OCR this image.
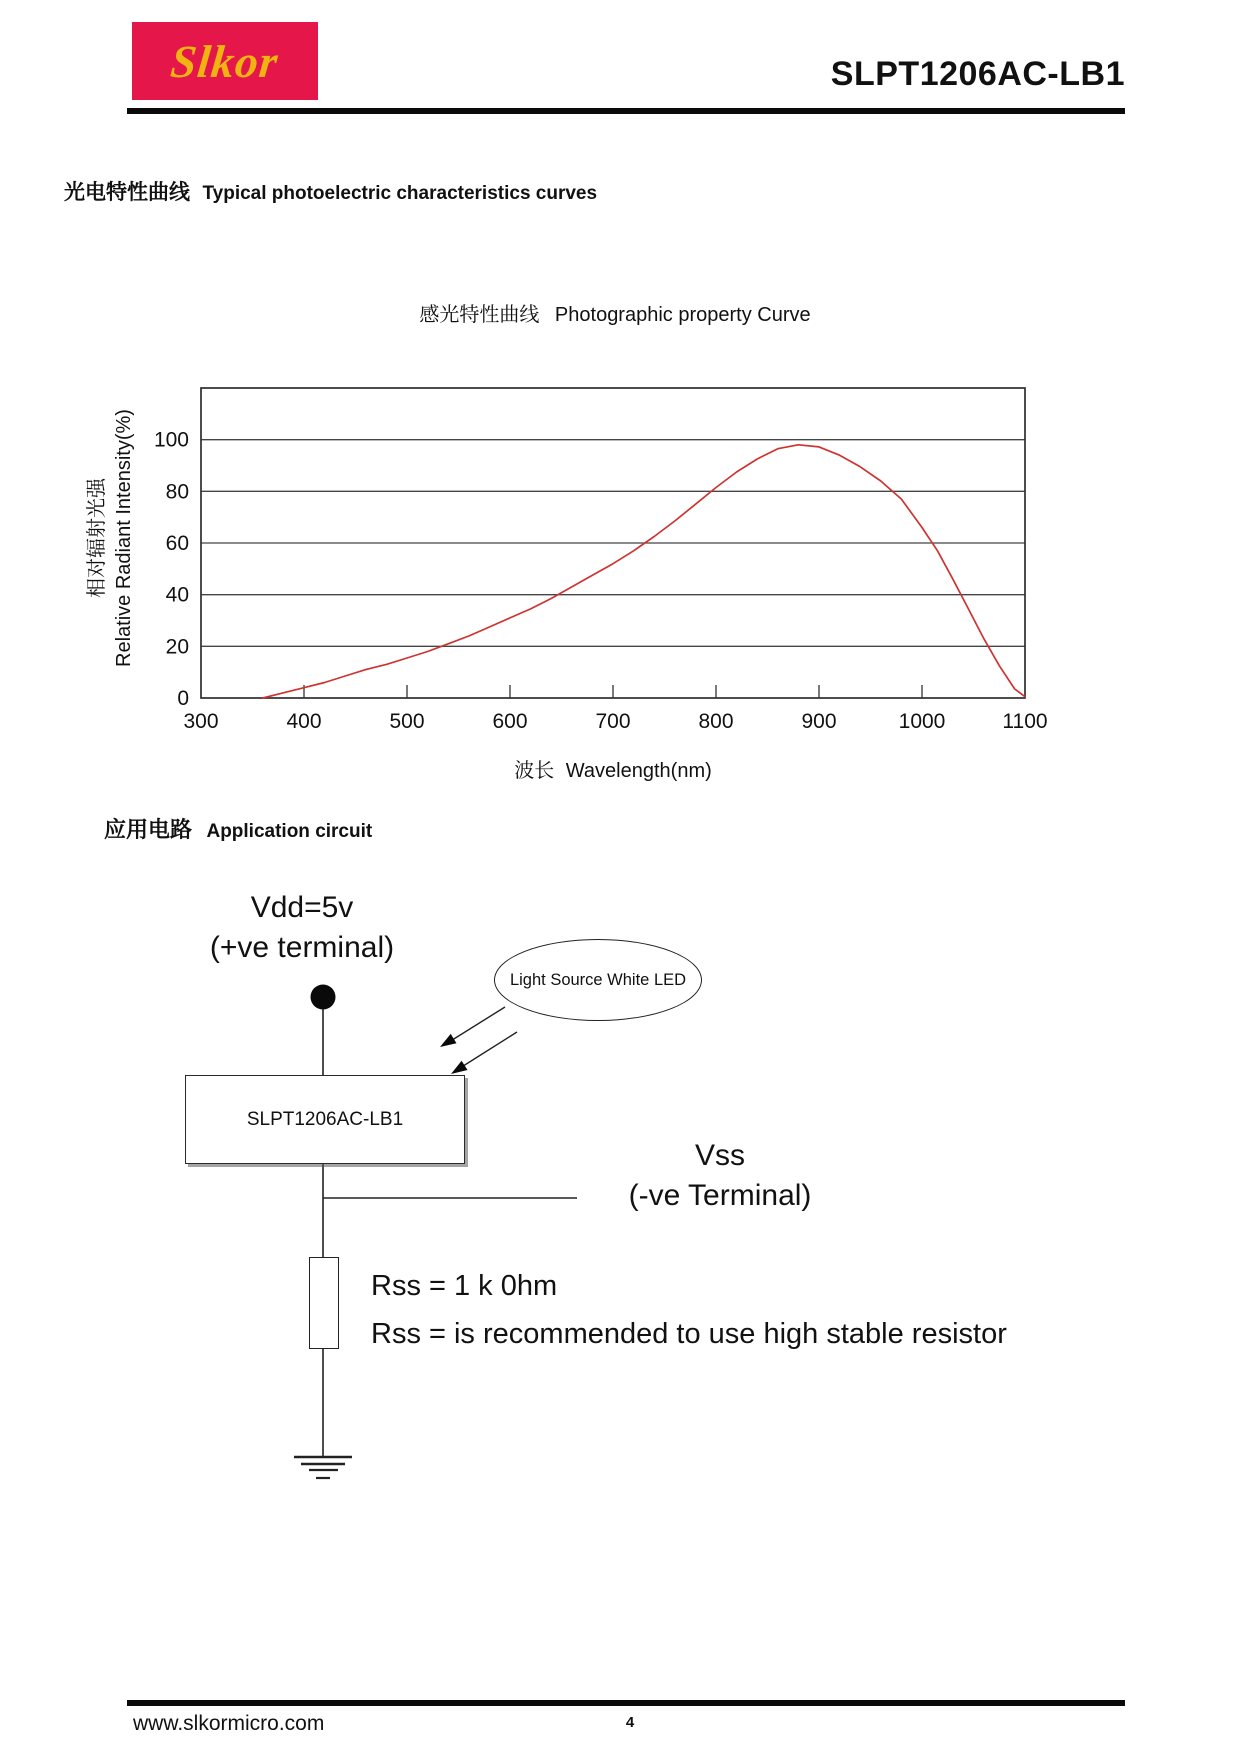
Slkor	SLPT1206AC-LB1
光电特性曲线 Typical photoelectric characteristics curves
感光特性曲线 Photographic property Curve
相对辐射光强 Relative Radiant Intensity(%)
波长 Wavelength(nm)
0
20
40
60
80
100
300	400	500	600	700	800	900	1000	1100
应用电路 Application circuit
Vdd=5v
(+ve terminal)
Light Source White LED
SLPT1206AC-LB1
Vss
(-ve Terminal)
Rss = 1 k 0hm
Rss = is recommended to use high stable resistor
www.slkormicro.com	4
